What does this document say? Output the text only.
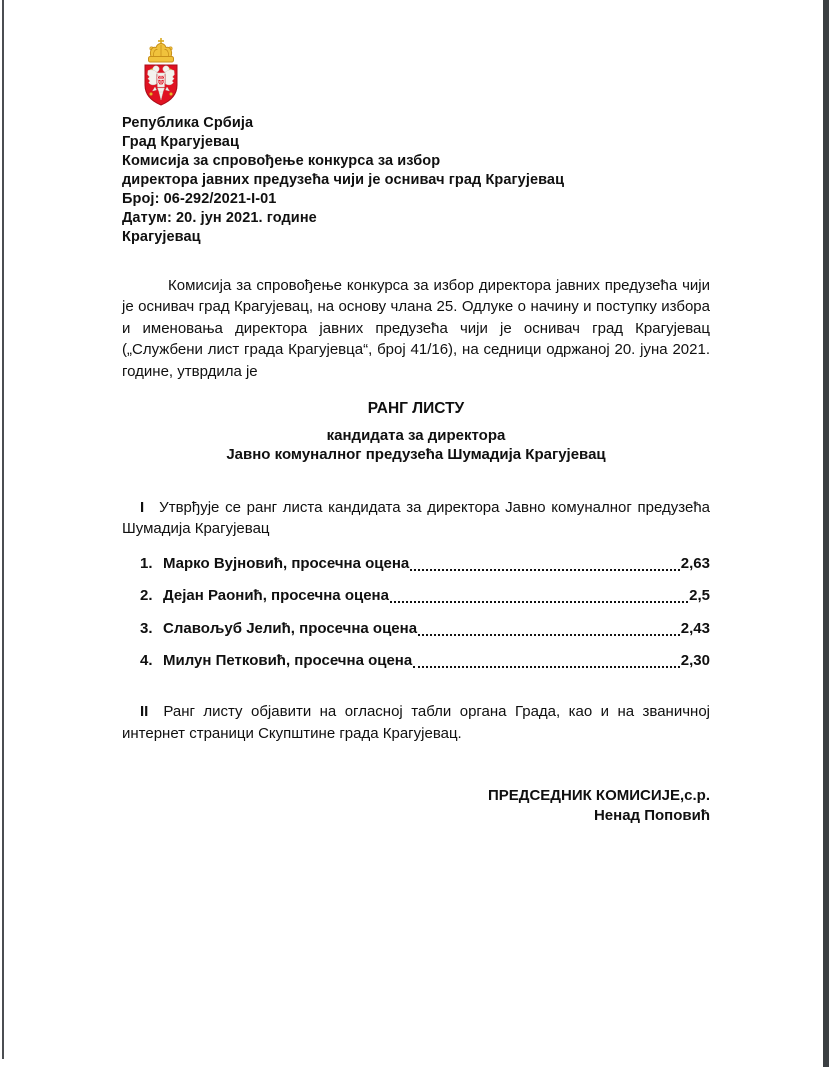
Република Србија
Град Крагујевац
Комисија за спровођење конкурса за избор
директора јавних предузећа чији је оснивач град Крагујевац
Број: 06-292/2021-I-01
Датум: 20. јун 2021. године
Крагујевац

Комисија за спровођење конкурса за избор директора јавних предузећа чији је оснивач град Крагујевац, на основу члана 25. Одлуке о начину и поступку избора и именовања директора јавних предузећа чији је оснивач град Крагујевац („Службени лист града Крагујевца“, број 41/16), на седници одржаној 20. јуна 2021. године, утврдила је

РАНГ ЛИСТУ
кандидата за директора
Јавно комуналног предузећа Шумадија Крагујевац

I Утврђује се ранг листа кандидата за директора Јавно комуналног предузећа Шумадија Крагујевац

1. Марко Вујновић, просечна оцена	2,63
2. Дејан Раонић, просечна оцена	2,5
3. Славољуб Јелић, просечна оцена	2,43
4. Милун Петковић, просечна оцена	2,30

II Ранг листу објавити на огласној табли органа Града, као и на званичној интернет страници Скупштине града Крагујевац.

ПРЕДСЕДНИК КОМИСИЈЕ,с.р.
Ненад Поповић
